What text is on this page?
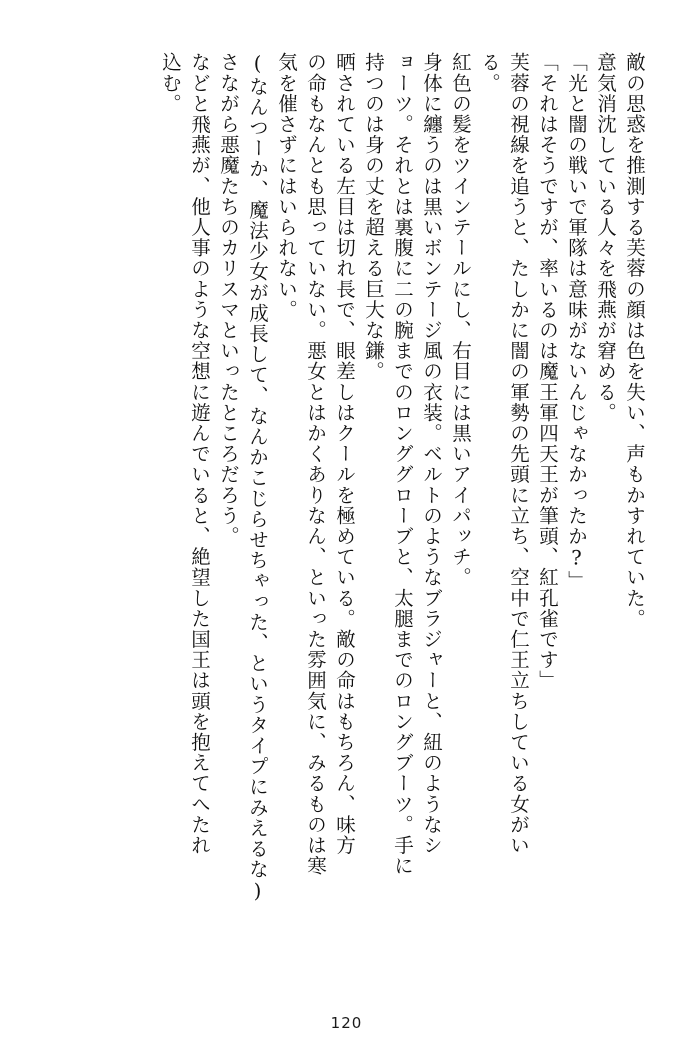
敵の思惑を推測する芙蓉の顔は色を失い、声もかすれていた。
意気消沈している人々を飛燕が窘める。
「光と闇の戦いで軍隊は意味がないんじゃなかったか?」
「それはそうですが、率いるのは魔王軍四天王が筆頭、紅孔雀です」
芙蓉の視線を追うと、たしかに闇の軍勢の先頭に立ち、空中で仁王立ちしている女がい
る。
紅色の髪をツインテールにし、右目には黒いアイパッチ。
身体に纏うのは黒いボンテージ風の衣装。ベルトのようなブラジャーと、紐のようなシ
ョーツ。それとは裏腹に二の腕までのロンググローブと、太腿までのロングブーツ。手に
持つのは身の丈を超える巨大な鎌。
晒されている左目は切れ長で、眼差しはクールを極めている。敵の命はもちろん、味方
の命もなんとも思っていない。悪女とはかくありなん、といった雰囲気に、みるものは寒
気を催さずにはいられない。
(なんつーか、魔法少女が成長して、なんかこじらせちゃった、というタイプにみえるな)
さながら悪魔たちのカリスマといったところだろう。
などと飛燕が、他人事のような空想に遊んでいると、絶望した国王は頭を抱えてへたれ
込む。
120
